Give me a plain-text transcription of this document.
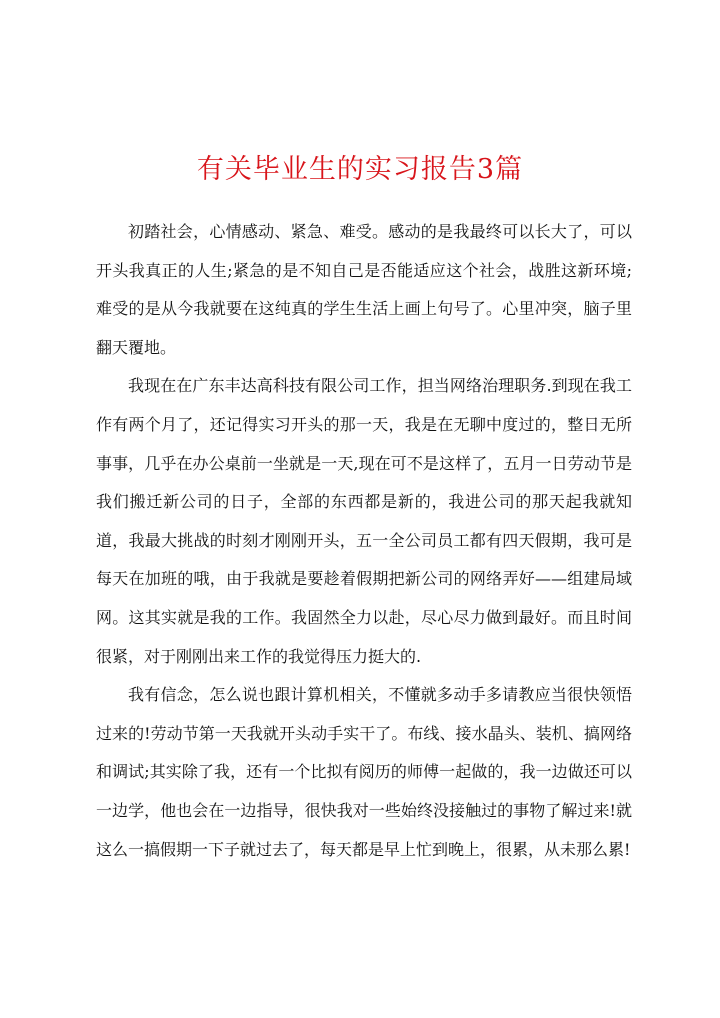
有关毕业生的实习报告3篇

初踏社会，心情感动、紧急、难受。感动的是我最终可以长大了，可以开头我真正的人生;紧急的是不知自己是否能适应这个社会，战胜这新环境;难受的是从今我就要在这纯真的学生生活上画上句号了。心里冲突，脑子里翻天覆地。

我现在在广东丰达高科技有限公司工作，担当网络治理职务.到现在我工作有两个月了，还记得实习开头的那一天，我是在无聊中度过的，整日无所事事，几乎在办公桌前一坐就是一天,现在可不是这样了，五月一日劳动节是我们搬迁新公司的日子，全部的东西都是新的，我进公司的那天起我就知道，我最大挑战的时刻才刚刚开头，五一全公司员工都有四天假期，我可是每天在加班的哦，由于我就是要趁着假期把新公司的网络弄好——组建局域网。这其实就是我的工作。我固然全力以赴，尽心尽力做到最好。而且时间很紧，对于刚刚出来工作的我觉得压力挺大的.

我有信念，怎么说也跟计算机相关，不懂就多动手多请教应当很快领悟过来的!劳动节第一天我就开头动手实干了。布线、接水晶头、装机、搞网络和调试;其实除了我，还有一个比拟有阅历的师傅一起做的，我一边做还可以一边学，他也会在一边指导，很快我对一些始终没接触过的事物了解过来!就这么一搞假期一下子就过去了，每天都是早上忙到晚上，很累，从未那么累!
